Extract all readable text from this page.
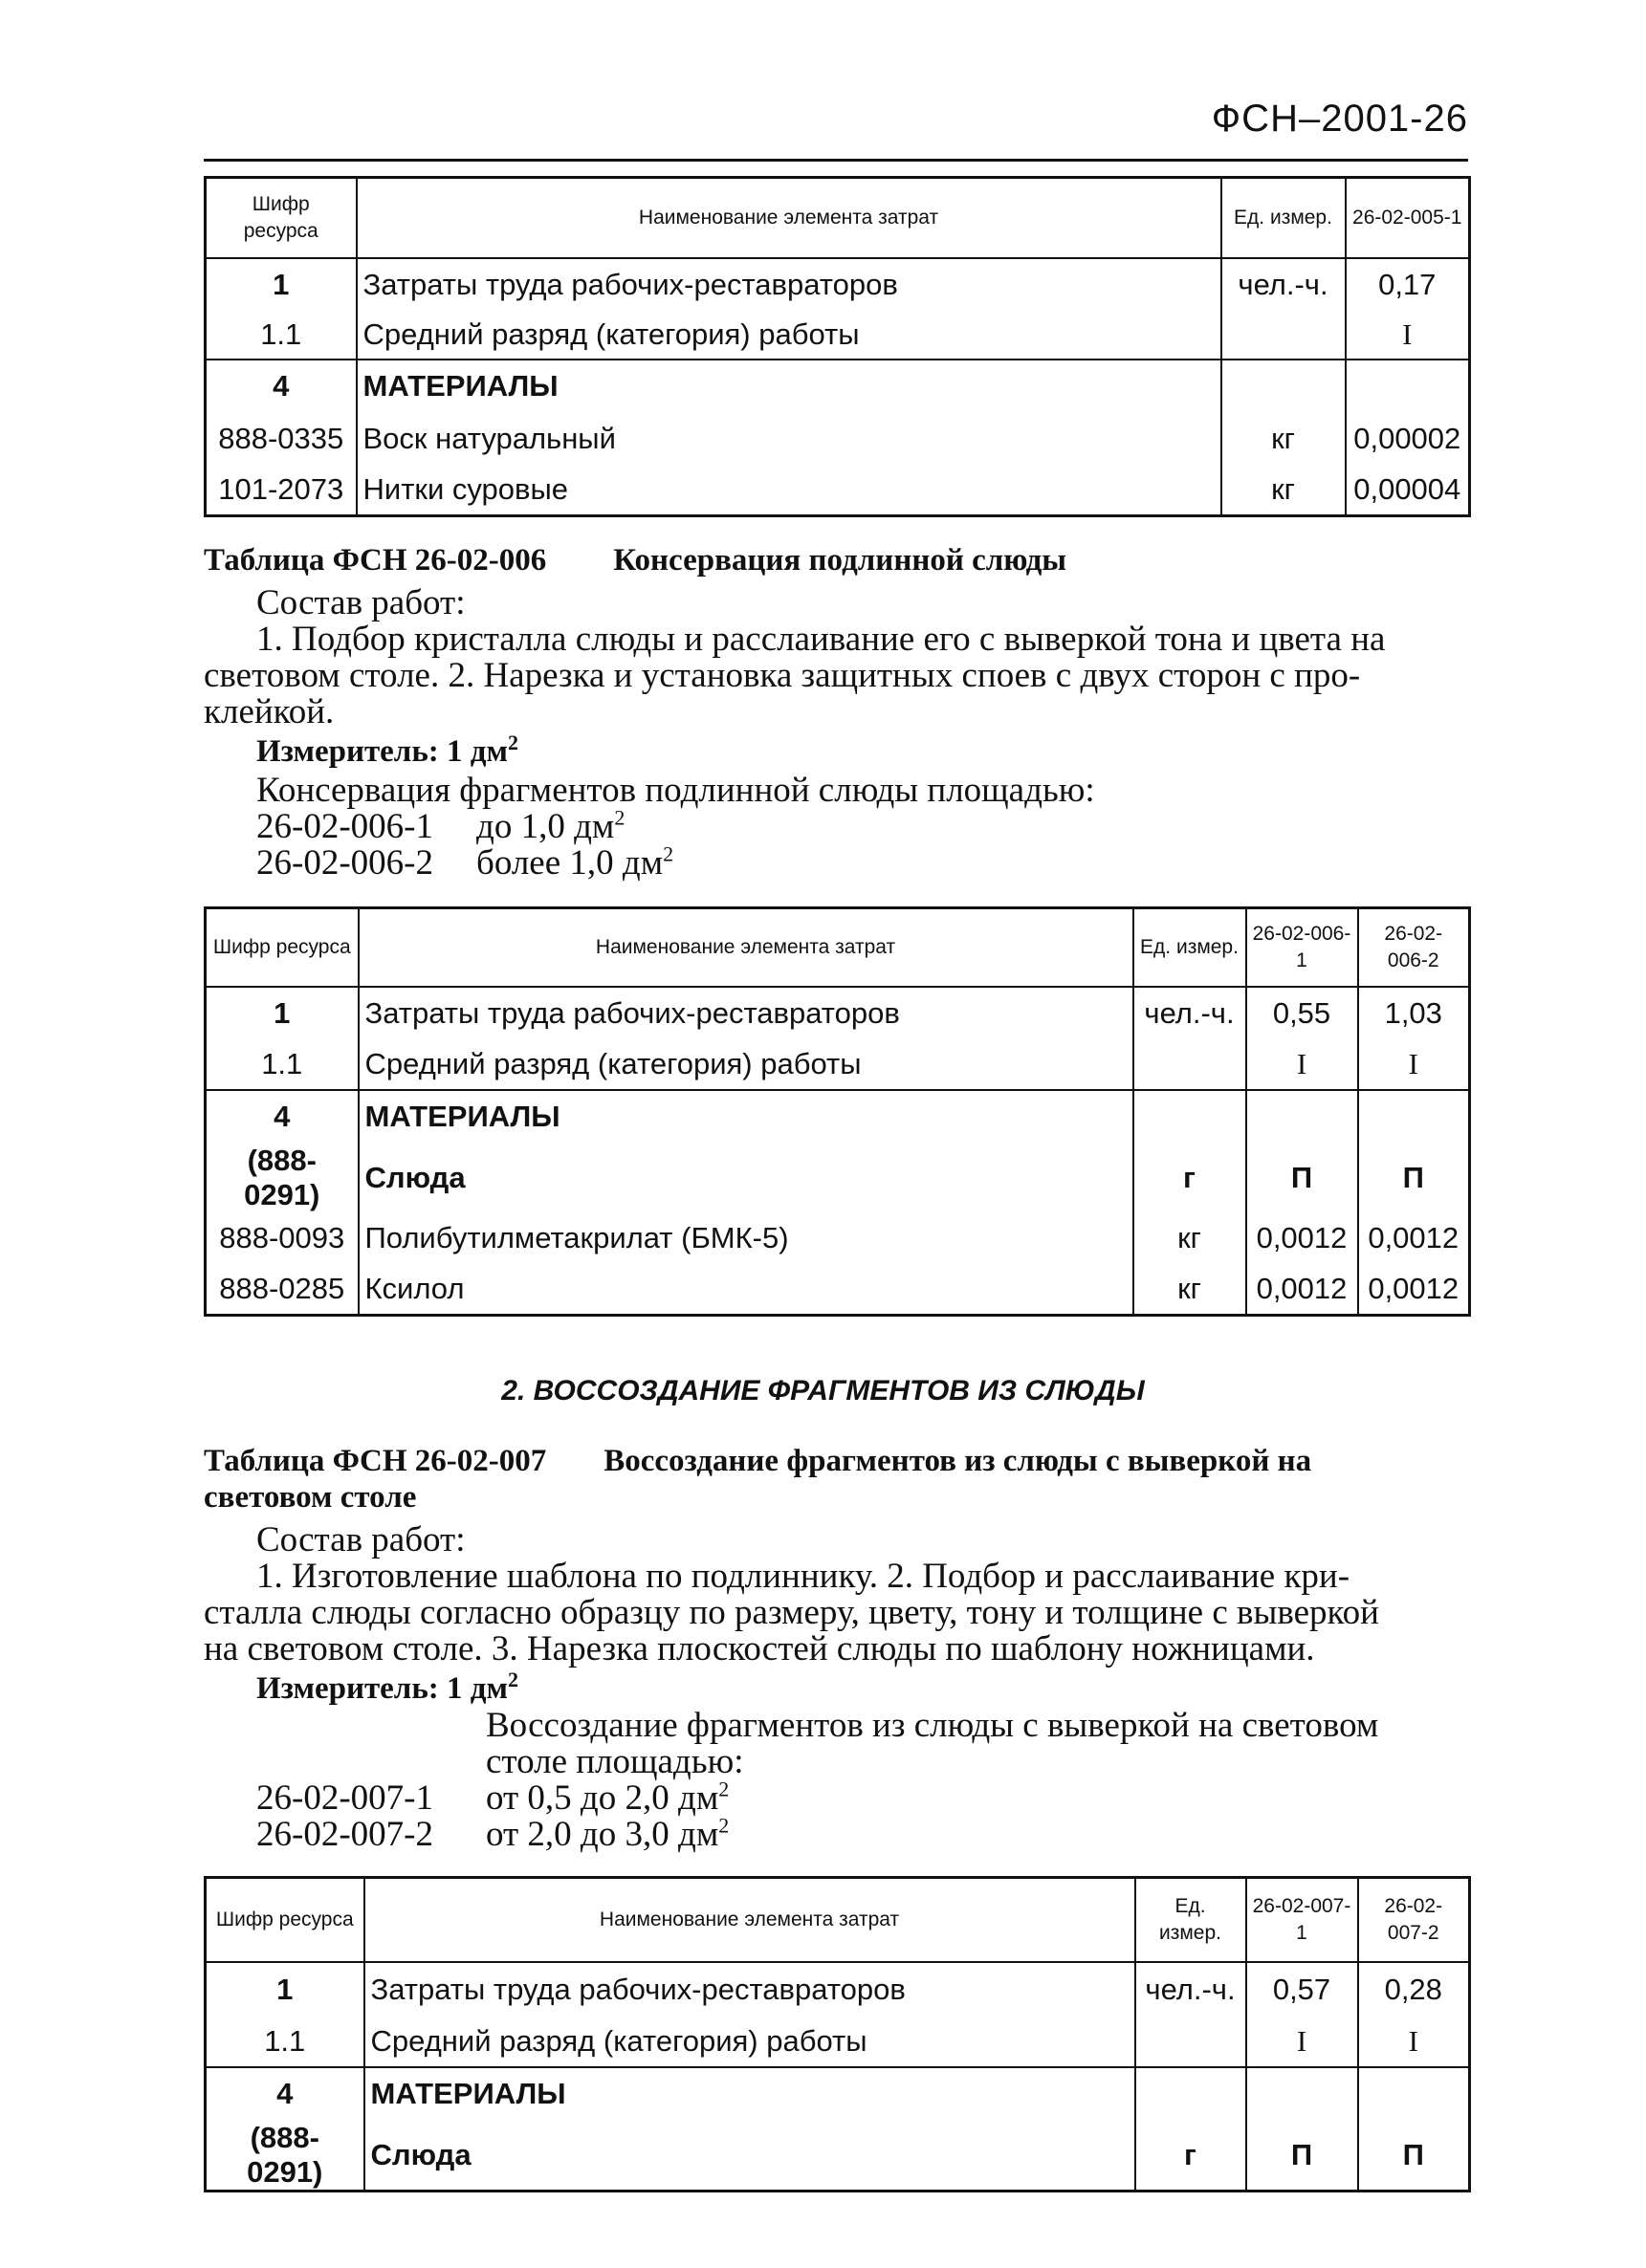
ФСН–2001-26
Шифр ресурса	Наименование элемента затрат	Ед. измер.	26-02-005-1
1	Затраты труда рабочих-реставраторов	чел.-ч.	0,17
1.1	Средний разряд (категория) работы		I
4	МАТЕРИАЛЫ		
888-0335	Воск натуральный	кг	0,00002
101-2073	Нитки суровые	кг	0,00004
Таблица ФСН 26-02-006 Консервация подлинной слюды
Состав работ:
1. Подбор кристалла слюды и расслаивание его с выверкой тона и цвета на
световом столе. 2. Нарезка и установка защитных споев с двух сторон с про-
клейкой.
Измеритель: 1 $дм^2$
Консервация фрагментов подлинной слюды площадью:
26-02-006-1 до 1,0 $дм^2$
26-02-006-2 более 1,0 $дм^2$
Шифр ресурса	Наименование элемента затрат	Ед. измер.	26-02-006-1	26-02-006-2
1	Затраты труда рабочих-реставраторов	чел.-ч.	0,55	1,03
1.1	Средний разряд (категория) работы		I	I
4	МАТЕРИАЛЫ			
(888-0291)	Слюда	г	П	П
888-0093	Полибутилметакрилат (БМК-5)	кг	0,0012	0,0012
888-0285	Ксилол	кг	0,0012	0,0012
2. ВОССОЗДАНИЕ ФРАГМЕНТОВ ИЗ СЛЮДЫ
Таблица ФСН 26-02-007 Воссоздание фрагментов из слюды с выверкой на
световом столе
Состав работ:
1. Изготовление шаблона по подлиннику. 2. Подбор и расслаивание кри-
сталла слюды согласно образцу по размеру, цвету, тону и толщине с выверкой
на световом столе. 3. Нарезка плоскостей слюды по шаблону ножницами.
Измеритель: 1 $дм^2$
Воссоздание фрагментов из слюды с выверкой на световом
столе площадью:
26-02-007-1 от 0,5 до 2,0 $дм^2$
26-02-007-2 от 2,0 до 3,0 $дм^2$
Шифр ресурса	Наименование элемента затрат	Ед. измер.	26-02-007-1	26-02-007-2
1	Затраты труда рабочих-реставраторов	чел.-ч.	0,57	0,28
1.1	Средний разряд (категория) работы		I	I
4	МАТЕРИАЛЫ			
(888-0291)	Слюда	г	П	П
